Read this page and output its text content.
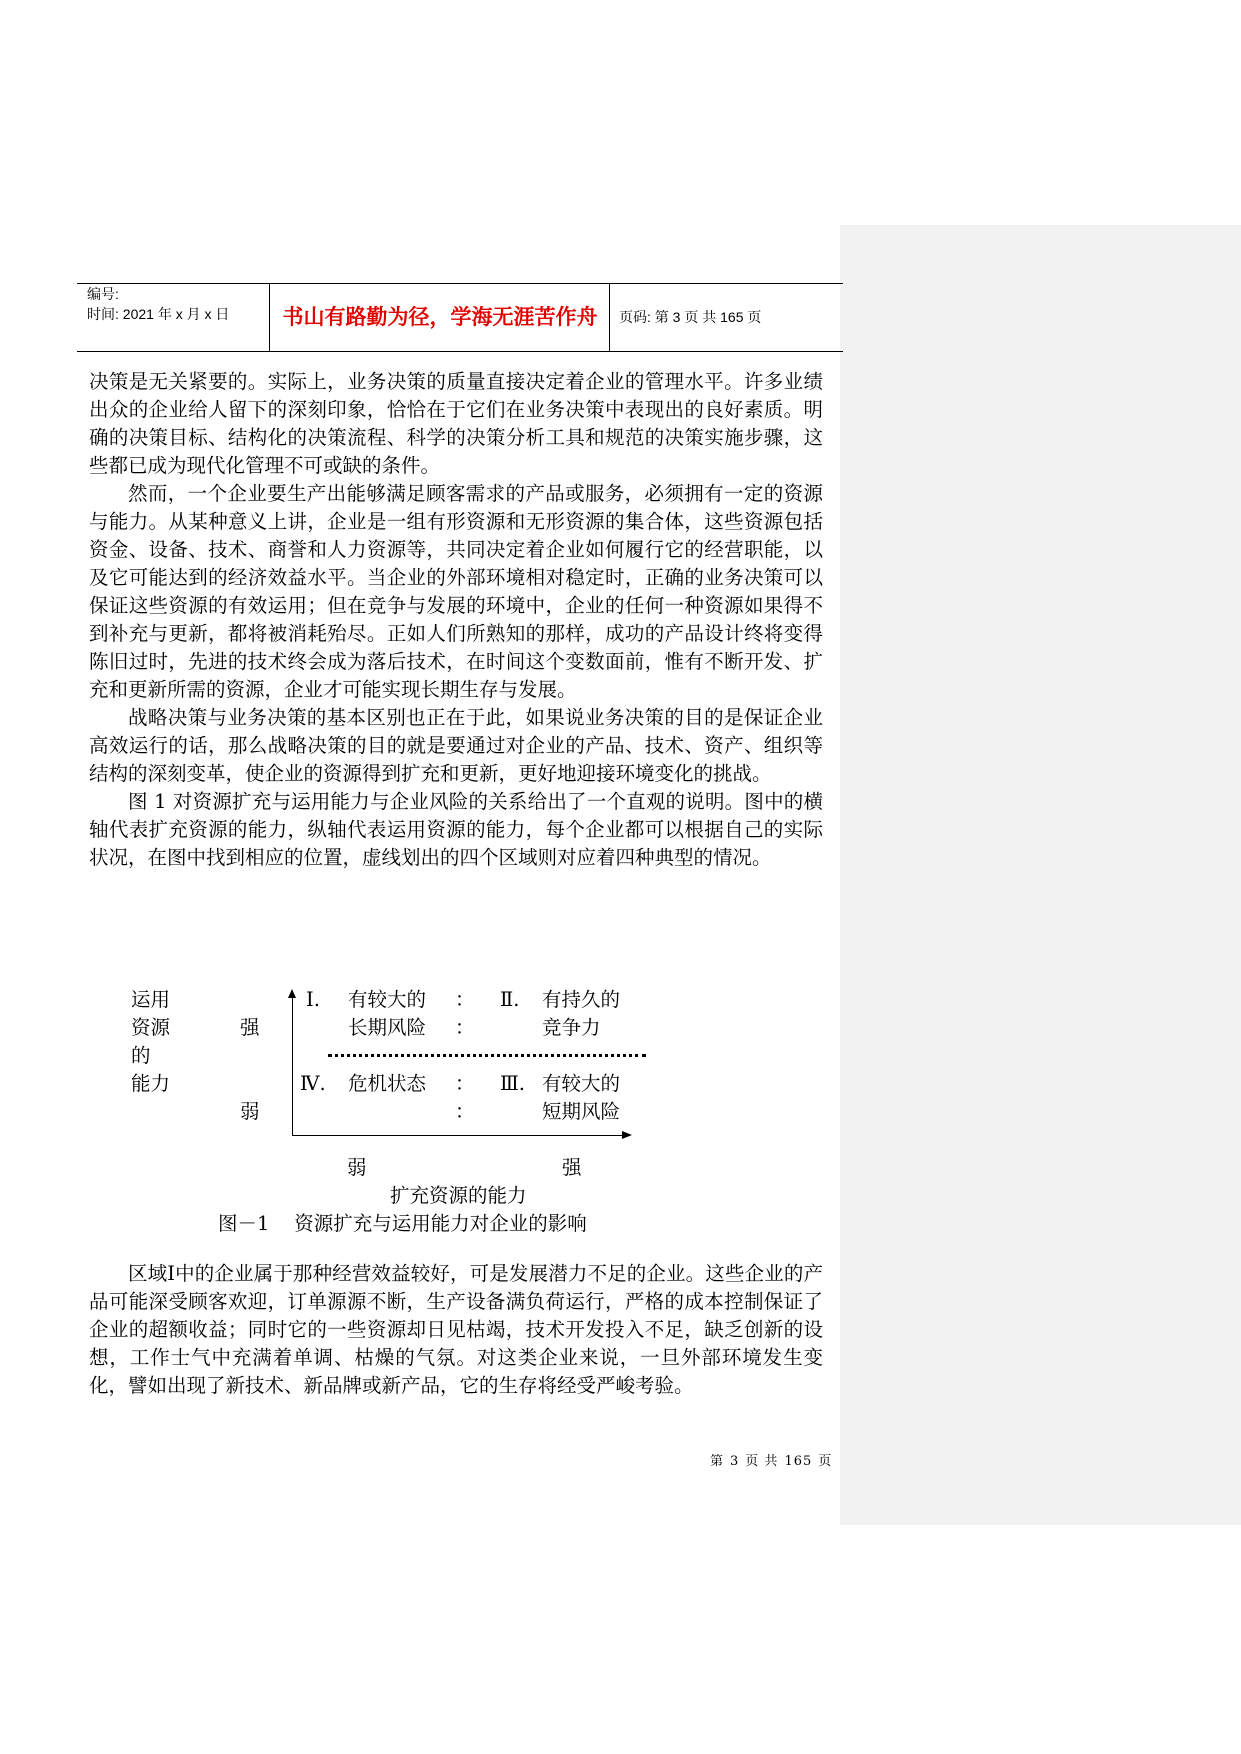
编号:
时间: 2021 年 x 月 x 日	书山有路勤为径，学海无涯苦作舟	页码: 第 3 页 共 165 页

决策是无关紧要的。实际上，业务决策的质量直接决定着企业的管理水平。许多业绩出众的企业给人留下的深刻印象，恰恰在于它们在业务决策中表现出的良好素质。明确的决策目标、结构化的决策流程、科学的决策分析工具和规范的决策实施步骤，这些都已成为现代化管理不可或缺的条件。

然而，一个企业要生产出能够满足顾客需求的产品或服务，必须拥有一定的资源与能力。从某种意义上讲，企业是一组有形资源和无形资源的集合体，这些资源包括资金、设备、技术、商誉和人力资源等，共同决定着企业如何履行它的经营职能，以及它可能达到的经济效益水平。当企业的外部环境相对稳定时，正确的业务决策可以保证这些资源的有效运用；但在竞争与发展的环境中，企业的任何一种资源如果得不到补充与更新，都将被消耗殆尽。正如人们所熟知的那样，成功的产品设计终将变得陈旧过时，先进的技术终会成为落后技术，在时间这个变数面前，惟有不断开发、扩充和更新所需的资源，企业才可能实现长期生存与发展。

战略决策与业务决策的基本区别也正在于此，如果说业务决策的目的是保证企业高效运行的话，那么战略决策的目的就是要通过对企业的产品、技术、资产、组织等结构的深刻变革，使企业的资源得到扩充和更新，更好地迎接环境变化的挑战。

图 1 对资源扩充与运用能力与企业风险的关系给出了一个直观的说明。图中的横轴代表扩充资源的能力，纵轴代表运用资源的能力，每个企业都可以根据自己的实际状况，在图中找到相应的位置，虚线划出的四个区域则对应着四种典型的情况。

运用
资源
的
能力
强
弱
Ⅰ. 有较大的
长期风险
：
：
Ⅱ. 有持久的
竞争力
Ⅳ. 危机状态 ：
：
Ⅲ. 有较大的
短期风险
弱	强
扩充资源的能力
图－1    资源扩充与运用能力对企业的影响

区域Ⅰ中的企业属于那种经营效益较好，可是发展潜力不足的企业。这些企业的产品可能深受顾客欢迎，订单源源不断，生产设备满负荷运行，严格的成本控制保证了企业的超额收益；同时它的一些资源却日见枯竭，技术开发投入不足，缺乏创新的设想，工作士气中充满着单调、枯燥的气氛。对这类企业来说，一旦外部环境发生变化，譬如出现了新技术、新品牌或新产品，它的生存将经受严峻考验。

第 3 页 共 165 页
